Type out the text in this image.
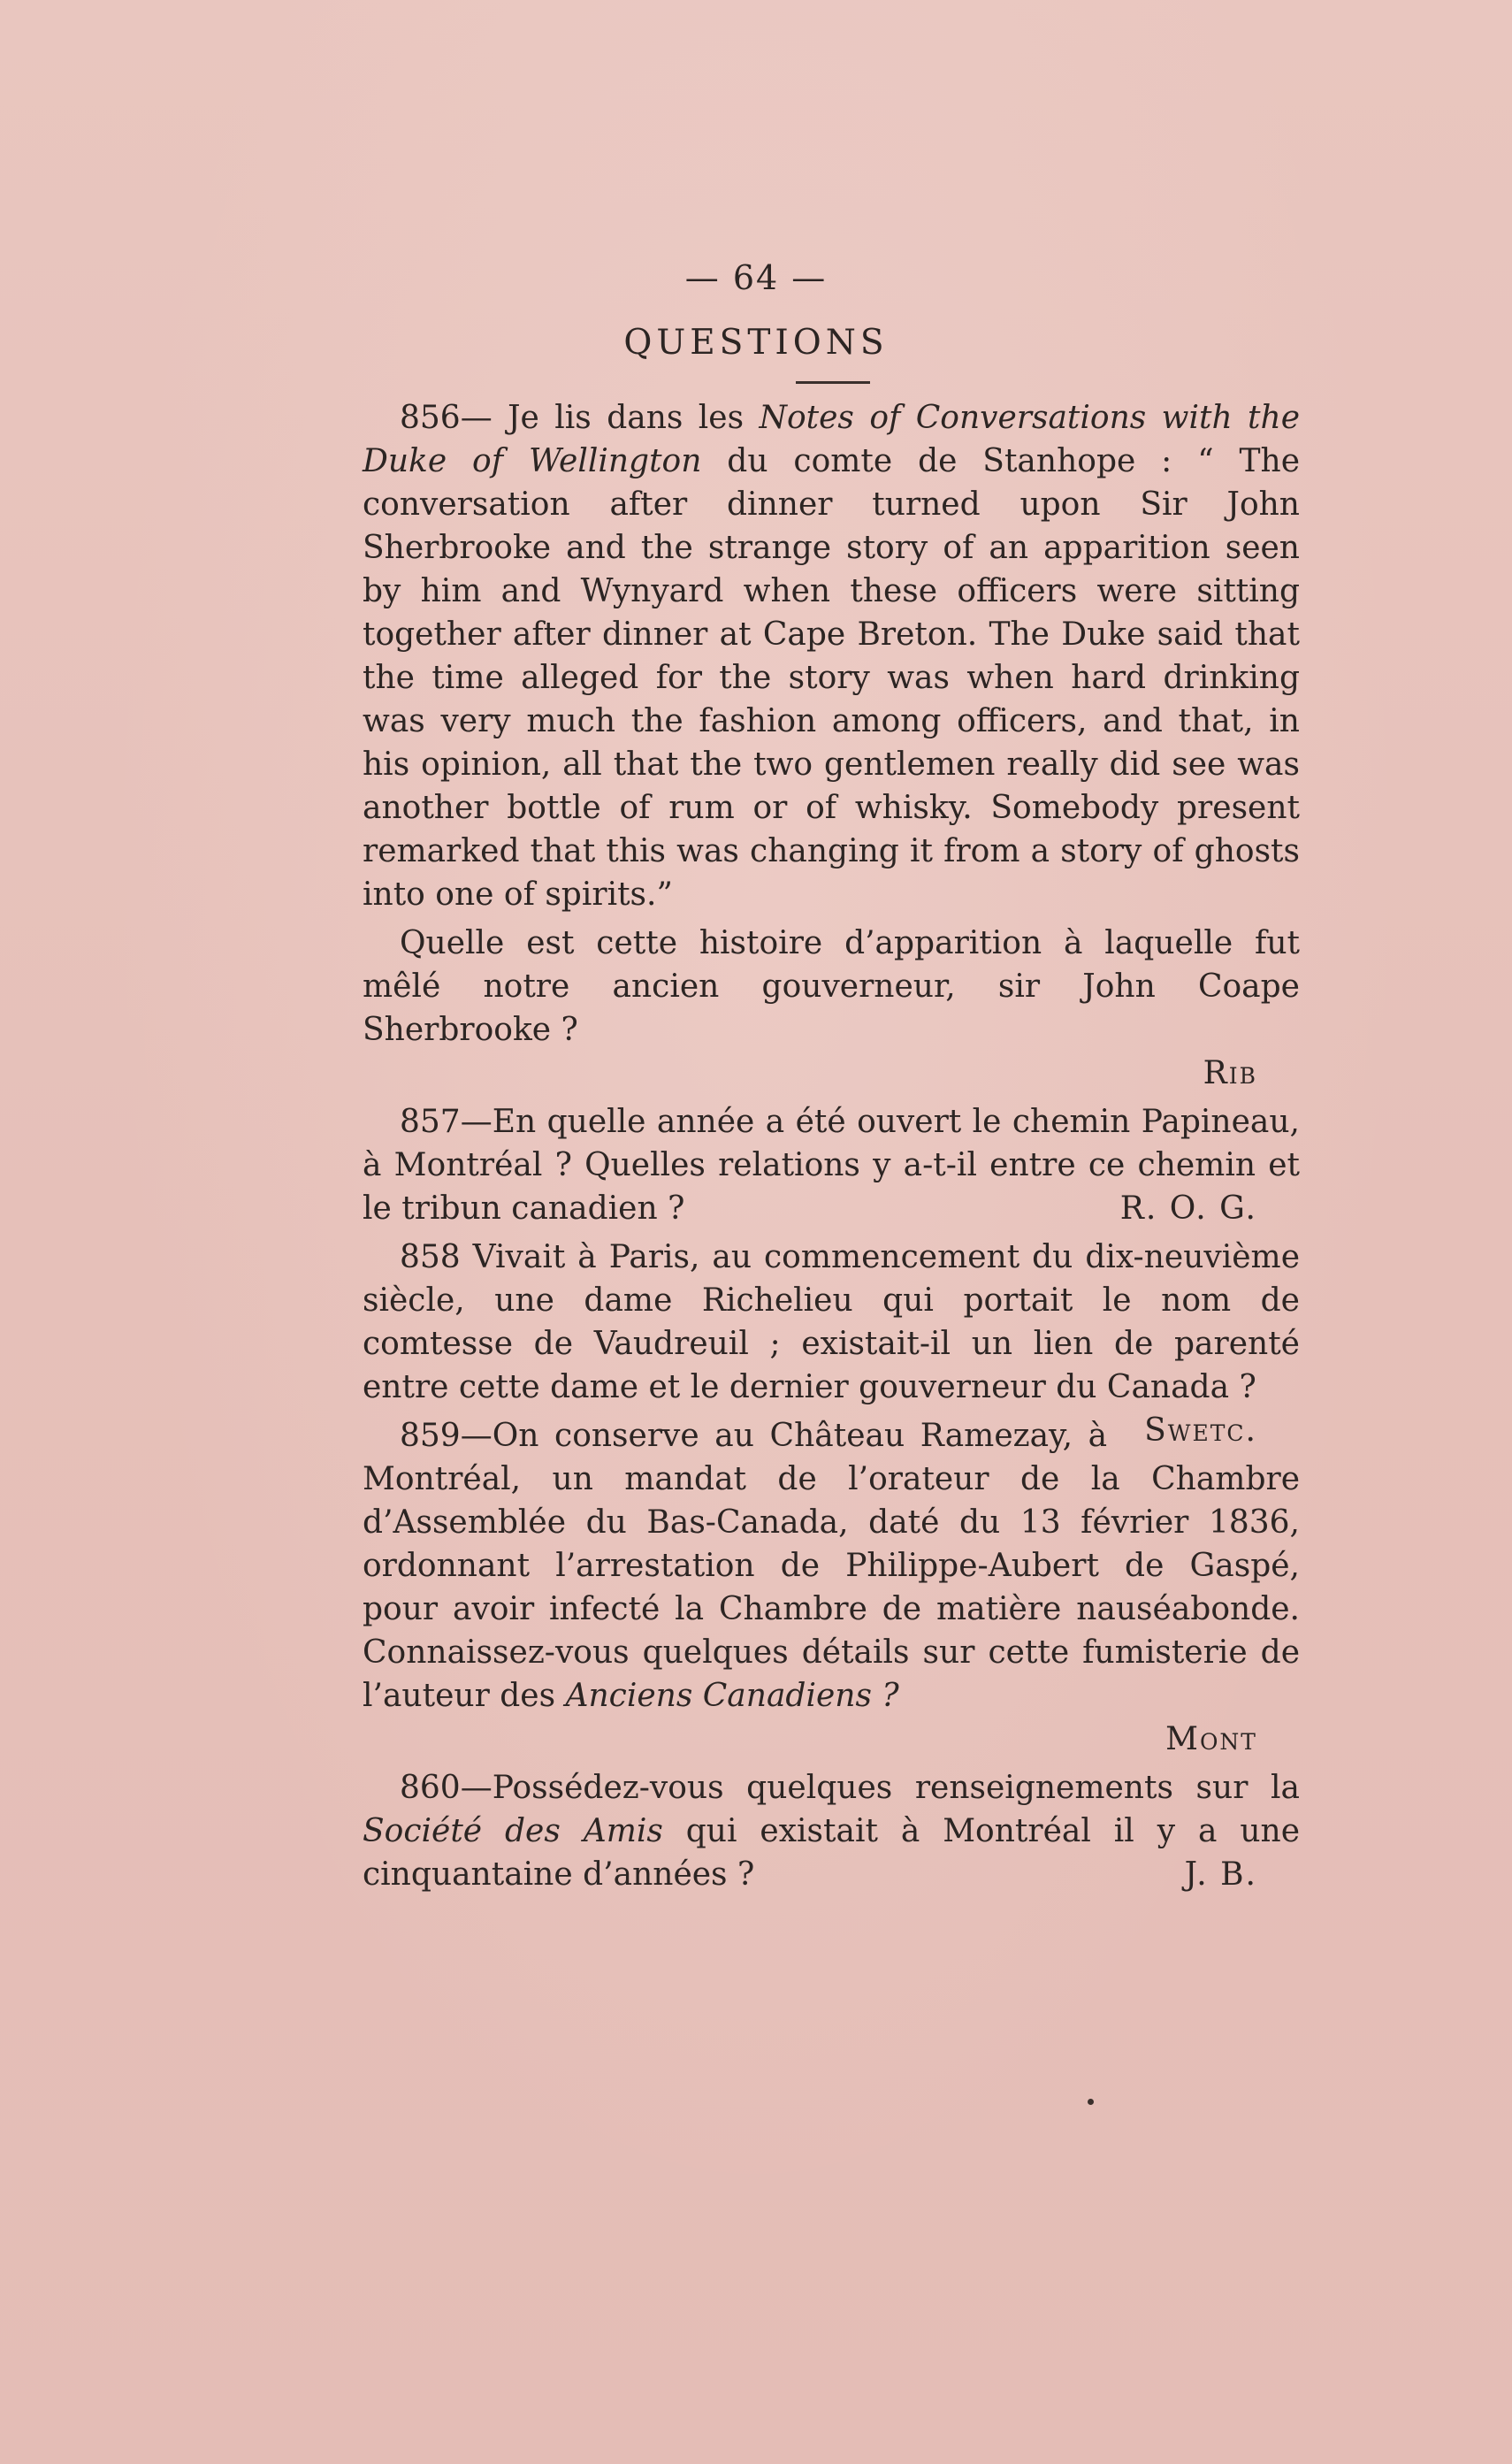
— 64 —
QUESTIONS

856— Je lis dans les Notes of Conversations with the Duke of Wellington du comte de Stanhope : “ The conversation after dinner turned upon Sir John Sherbrooke and the strange story of an apparition seen by him and Wynyard when these officers were sitting together after dinner at Cape Breton. The Duke said that the time alleged for the story was when hard drinking was very much the fashion among officers, and that, in his opinion, all that the two gentlemen really did see was another bottle of rum or of whisky. Somebody present remarked that this was changing it from a story of ghosts into one of spirits.”

Quelle est cette histoire d’apparition à laquelle fut mêlé notre ancien gouverneur, sir John Coape Sherbrooke ?

Rib

857—En quelle année a été ouvert le chemin Papineau, à Montréal ? Quelles relations y a-t-il entre ce chemin et le tribun canadien ?	R. O. G.

858 Vivait à Paris, au commencement du dix-neuvième siècle, une dame Richelieu qui portait le nom de comtesse de Vaudreuil ; existait-il un lien de parenté entre cette dame et le dernier gouverneur du Canada ?
Swetc.

859—On conserve au Château Ramezay, à Montréal, un mandat de l’orateur de la Chambre d’Assemblée du Bas-Canada, daté du 13 février 1836, ordonnant l’arrestation de Philippe-Aubert de Gaspé, pour avoir infecté la Chambre de matière nauséabonde. Connaissez-vous quelques détails sur cette fumisterie de l’auteur des Anciens Canadiens ?

Mont

860—Possédez-vous quelques renseignements sur la Société des Amis qui existait à Montréal il y a une cinquantaine d’années ?	J. B.
